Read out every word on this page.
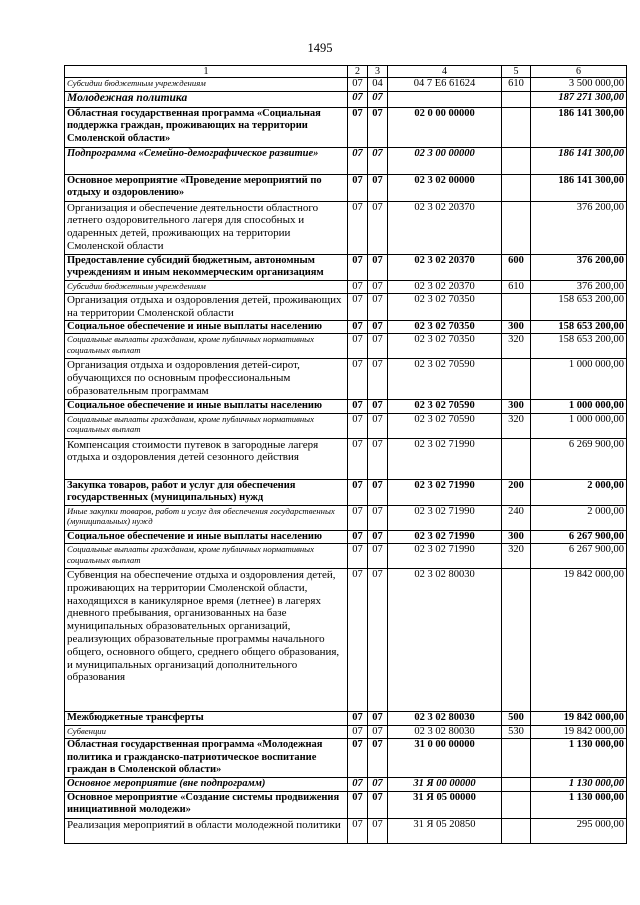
1495
1	2	3	4	5	6
Субсидии бюджетным учреждениям	07	04	04 7 Е6 61624	610	3 500 000,00
Молодежная политика	07	07			187 271 300,00
Областная государственная программа «Социальная поддержка граждан, проживающих на территории Смоленской области»	07	07	02 0 00 00000		186 141 300,00
Подпрограмма «Семейно-демографическое развитие»	07	07	02 3 00 00000		186 141 300,00
Основное мероприятие «Проведение мероприятий по отдыху и оздоровлению»	07	07	02 3 02 00000		186 141 300,00
Организация и обеспечение деятельности областного летнего оздоровительного лагеря для способных и одаренных детей, проживающих на территории Смоленской области	07	07	02 3 02 20370		376 200,00
Предоставление субсидий бюджетным, автономным учреждениям и иным некоммерческим организациям	07	07	02 3 02 20370	600	376 200,00
Субсидии бюджетным учреждениям	07	07	02 3 02 20370	610	376 200,00
Организация отдыха и оздоровления детей, проживающих на территории Смоленской области	07	07	02 3 02 70350		158 653 200,00
Социальное обеспечение и иные выплаты населению	07	07	02 3 02 70350	300	158 653 200,00
Социальные выплаты гражданам, кроме публичных нормативных социальных выплат	07	07	02 3 02 70350	320	158 653 200,00
Организация отдыха и оздоровления детей-сирот, обучающихся по основным профессиональным образовательным программам	07	07	02 3 02 70590		1 000 000,00
Социальное обеспечение и иные выплаты населению	07	07	02 3 02 70590	300	1 000 000,00
Социальные выплаты гражданам, кроме публичных нормативных социальных выплат	07	07	02 3 02 70590	320	1 000 000,00
Компенсация стоимости путевок в загородные лагеря отдыха и оздоровления детей сезонного действия	07	07	02 3 02 71990		6 269 900,00
Закупка товаров, работ и услуг для обеспечения государственных (муниципальных) нужд	07	07	02 3 02 71990	200	2 000,00
Иные закупки товаров, работ и услуг для обеспечения государственных (муниципальных) нужд	07	07	02 3 02 71990	240	2 000,00
Социальное обеспечение и иные выплаты населению	07	07	02 3 02 71990	300	6 267 900,00
Социальные выплаты гражданам, кроме публичных нормативных социальных выплат	07	07	02 3 02 71990	320	6 267 900,00
Субвенция на обеспечение отдыха и оздоровления детей, проживающих на территории Смоленской области, находящихся в каникулярное время (летнее) в лагерях дневного пребывания, организованных на базе муниципальных образовательных организаций, реализующих образовательные программы начального общего, основного общего, среднего общего образования, и муниципальных организаций дополнительного образования	07	07	02 3 02 80030		19 842 000,00
Межбюджетные трансферты	07	07	02 3 02 80030	500	19 842 000,00
Субвенции	07	07	02 3 02 80030	530	19 842 000,00
Областная государственная программа «Молодежная политика и гражданско-патриотическое воспитание граждан в Смоленской области»	07	07	31 0 00 00000		1 130 000,00
Основное мероприятие (вне подпрограмм)	07	07	31 Я 00 00000		1 130 000,00
Основное мероприятие «Создание системы продвижения инициативной молодежи»	07	07	31 Я 05 00000		1 130 000,00
Реализация мероприятий в области молодежной политики	07	07	31 Я 05 20850		295 000,00
